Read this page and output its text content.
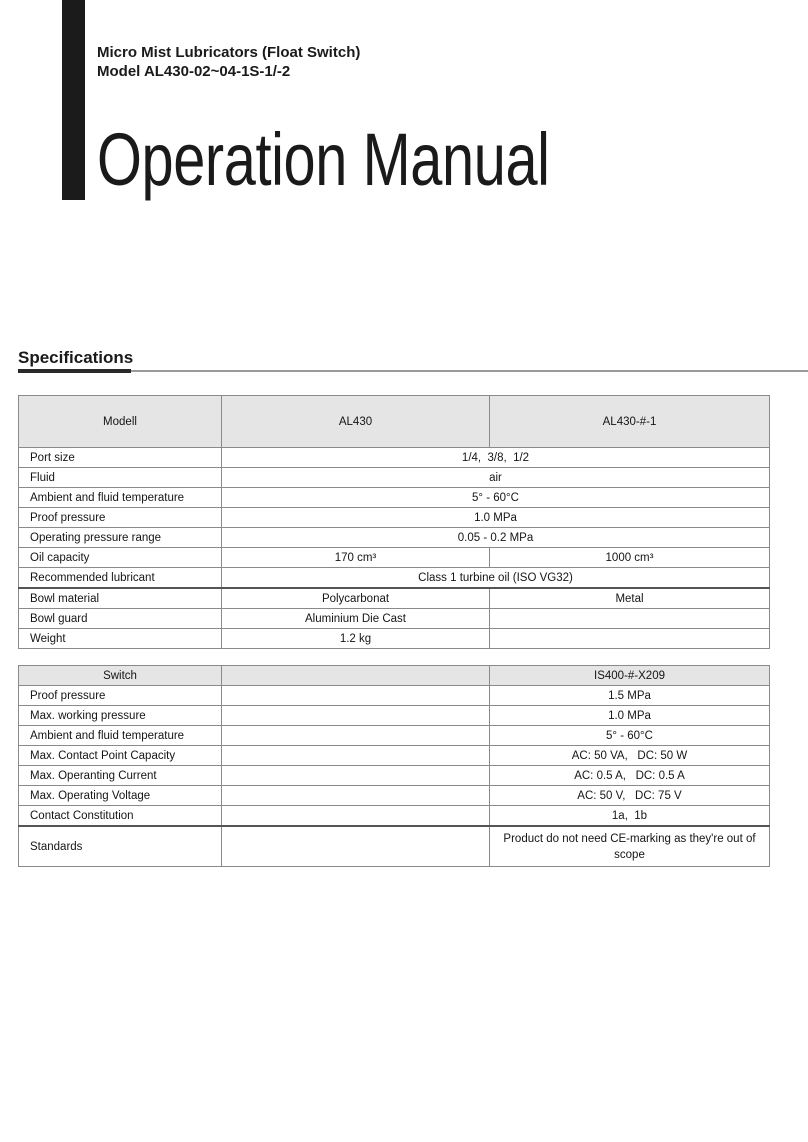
Micro Mist Lubricators (Float Switch)
Model AL430-02~04-1S-1/-2
Operation Manual
Specifications
Modell	AL430	AL430-#-1
Port size	1/4,  3/8,  1/2	
Fluid	air	
Ambient and fluid temperature	5° - 60°C	
Proof pressure	1.0 MPa	
Operating pressure range	0.05 - 0.2 MPa	
Oil capacity	170 cm³	1000 cm³
Recommended lubricant	Class 1 turbine oil (ISO VG32)	
Bowl material	Polycarbonat	Metal
Bowl guard	Aluminium Die Cast	
Weight	1.2 kg	
Switch		IS400-#-X209
Proof pressure		1.5 MPa
Max. working pressure		1.0 MPa
Ambient and fluid temperature		5° - 60°C
Max. Contact Point Capacity		AC: 50 VA,   DC: 50 W
Max. Operanting Current		AC: 0.5 A,   DC: 0.5 A
Max. Operating Voltage		AC: 50 V,   DC: 75 V
Contact Constitution		1a,  1b
Standards		Product do not need CE-marking as they're out of scope
